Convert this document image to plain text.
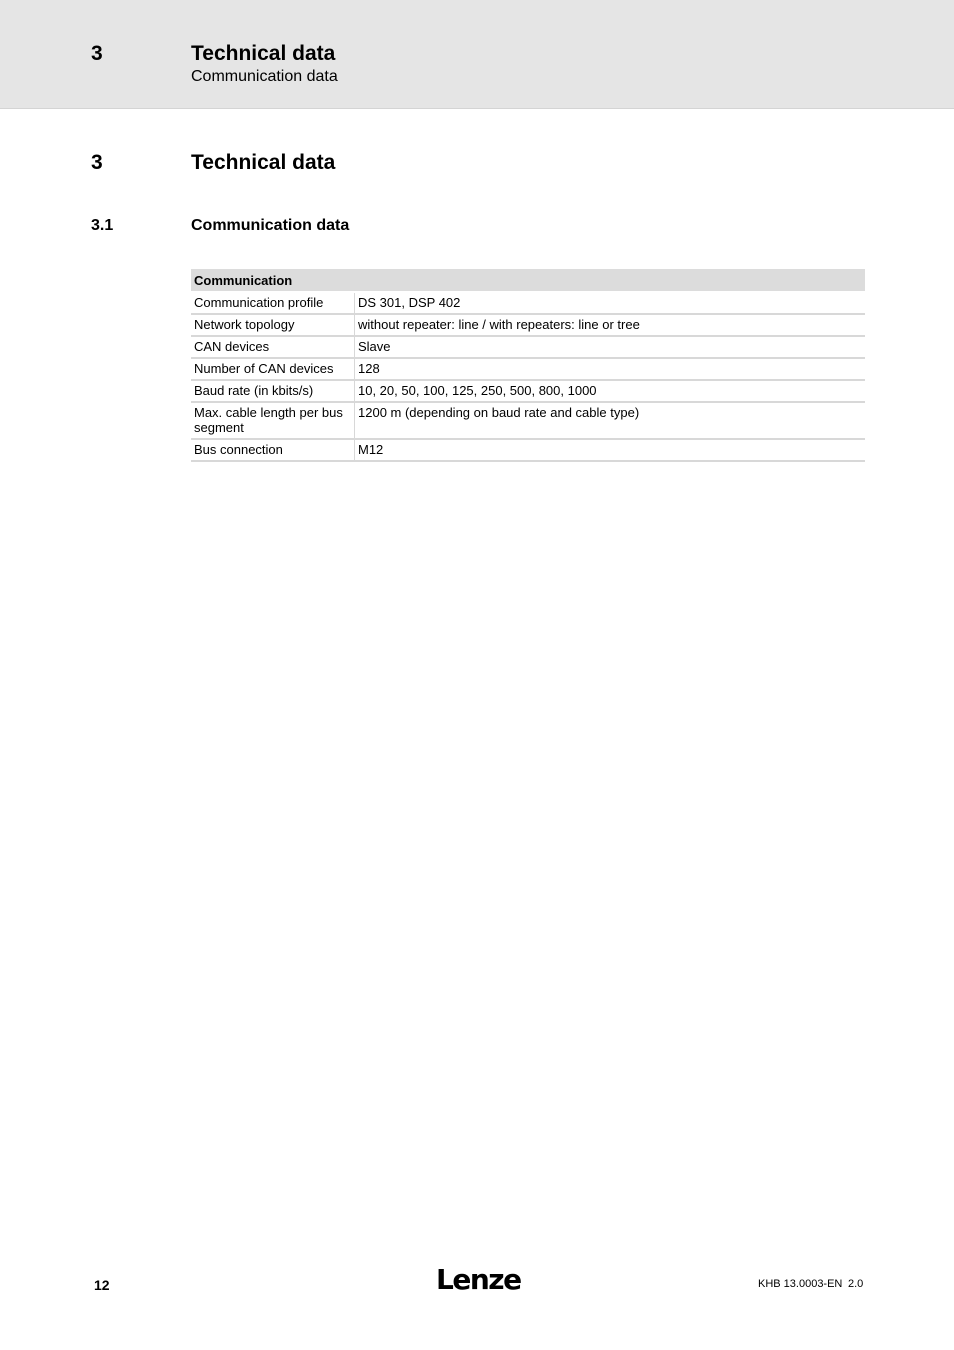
3	Technical data
Communication data
3	Technical data
3.1	Communication data
Communication	
Communication profile	DS 301, DSP 402
Network topology	without repeater: line / with repeaters: line or tree
CAN devices	Slave
Number of CAN devices	128
Baud rate (in kbits/s)	10, 20, 50, 100, 125, 250, 500, 800, 1000
Max. cable length per bus segment	1200 m (depending on baud rate and cable type)
Bus connection	M12
12	Lenze	KHB 13.0003-EN 2.0
